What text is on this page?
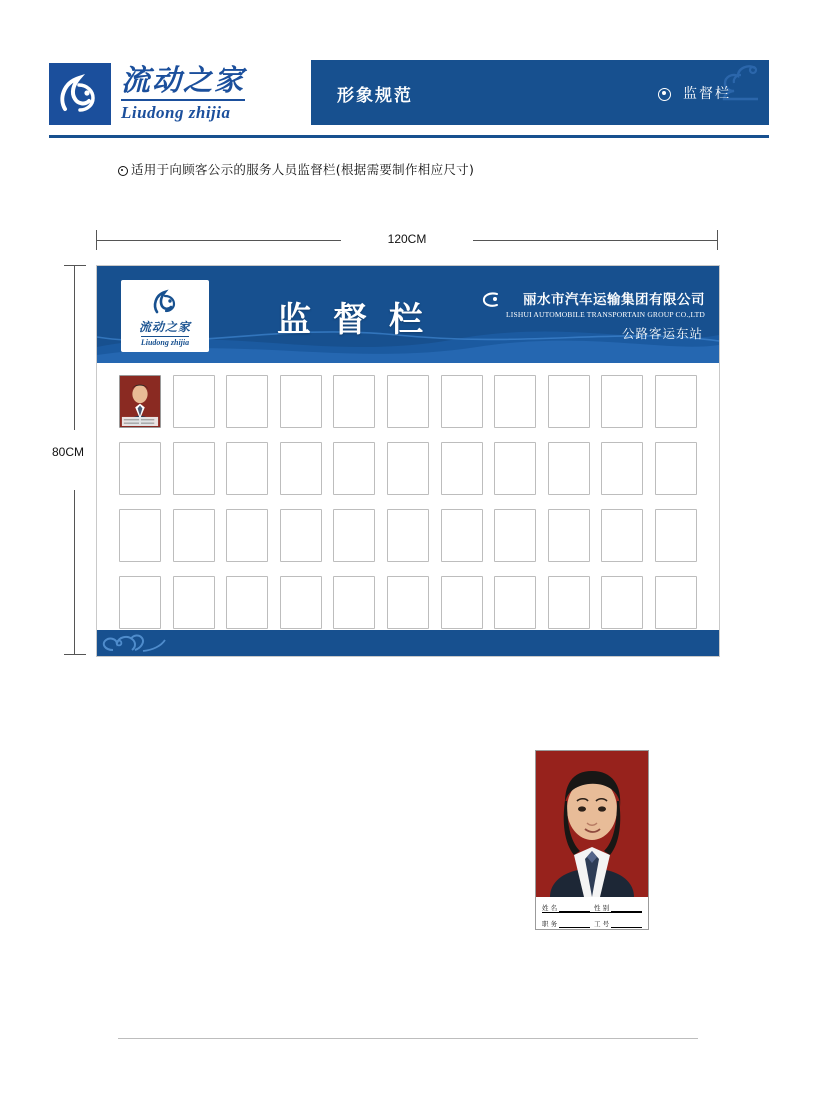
流动之家
Liudong zhijia
形象规范	监督栏
适用于向顾客公示的服务人员监督栏(根据需要制作相应尺寸)
120CM
80CM
流动之家
Liudong zhijia
监督栏	丽水市汽车运输集团有限公司
LISHUI AUTOMOBILE TRANSPORTAIN GROUP CO.,LTD
公路客运东站
姓 名	性 别
职 务	工 号
